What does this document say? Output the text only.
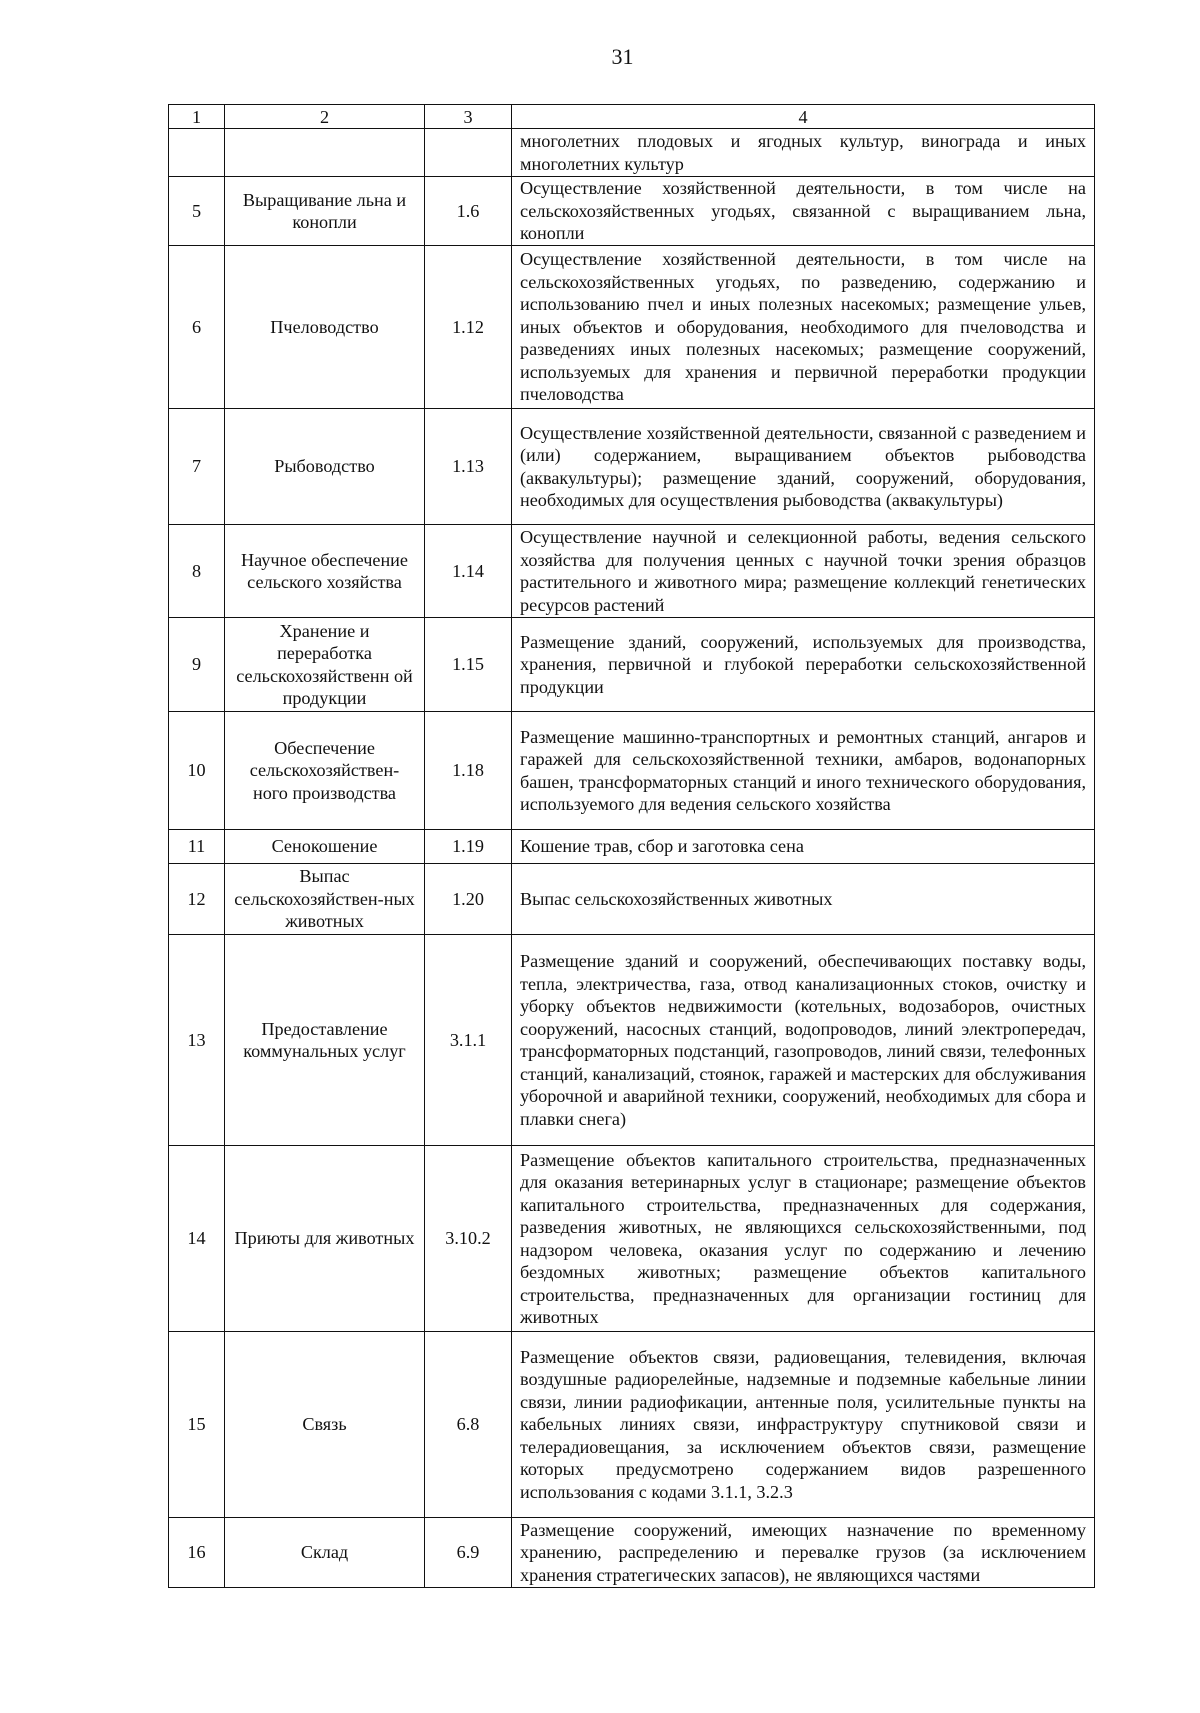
31
1	2	3	4
			многолетних плодовых и ягодных культур, винограда и иных многолетних культур
5	Выращивание льна и конопли	1.6	Осуществление хозяйственной деятельности, в том числе на сельскохозяйственных угодьях, связанной с выращиванием льна, конопли
6	Пчеловодство	1.12	Осуществление хозяйственной деятельности, в том числе на сельскохозяйственных угодьях, по разведению, содержанию и использованию пчел и иных полезных насекомых; размещение ульев, иных объектов и оборудования, необходимого для пчеловодства и разведениях иных полезных насекомых; размещение сооружений, используемых для хранения и первичной переработки продукции пчеловодства
7	Рыбоводство	1.13	Осуществление хозяйственной деятельности, связанной с разведением и (или) содержанием, выращиванием объектов рыбоводства (аквакультуры); размещение зданий, сооружений, оборудования, необходимых для осуществления рыбоводства (аквакультуры)
8	Научное обеспечение сельского хозяйства	1.14	Осуществление научной и селекционной работы, ведения сельского хозяйства для получения ценных с научной точки зрения образцов растительного и животного мира; размещение коллекций генетических ресурсов растений
9	Хранение и переработка сельскохозяйственн ой продукции	1.15	Размещение зданий, сооружений, используемых для производства, хранения, первичной и глубокой переработки сельскохозяйственной продукции
10	Обеспечение сельскохозяйствен-ного производства	1.18	Размещение машинно-транспортных и ремонтных станций, ангаров и гаражей для сельскохозяйственной техники, амбаров, водонапорных башен, трансформаторных станций и иного технического оборудования, используемого для ведения сельского хозяйства
11	Сенокошение	1.19	Кошение трав, сбор и заготовка сена
12	Выпас сельскохозяйствен-ных животных	1.20	Выпас сельскохозяйственных животных
13	Предоставление коммунальных услуг	3.1.1	Размещение зданий и сооружений, обеспечивающих поставку воды, тепла, электричества, газа, отвод канализационных стоков, очистку и уборку объектов недвижимости (котельных, водозаборов, очистных сооружений, насосных станций, водопроводов, линий электропередач, трансформаторных подстанций, газопроводов, линий связи, телефонных станций, канализаций, стоянок, гаражей и мастерских для обслуживания уборочной и аварийной техники, сооружений, необходимых для сбора и плавки снега)
14	Приюты для животных	3.10.2	Размещение объектов капитального строительства, предназначенных для оказания ветеринарных услуг в стационаре; размещение объектов капитального строительства, предназначенных для содержания, разведения животных, не являющихся сельскохозяйственными, под надзором человека, оказания услуг по содержанию и лечению бездомных животных; размещение объектов капитального строительства, предназначенных для организации гостиниц для животных
15	Связь	6.8	Размещение объектов связи, радиовещания, телевидения, включая воздушные радиорелейные, надземные и подземные кабельные линии связи, линии радиофикации, антенные поля, усилительные пункты на кабельных линиях связи, инфраструктуру спутниковой связи и телерадиовещания, за исключением объектов связи, размещение которых предусмотрено содержанием видов разрешенного использования с кодами 3.1.1, 3.2.3
16	Склад	6.9	Размещение сооружений, имеющих назначение по временному хранению, распределению и перевалке грузов (за исключением хранения стратегических запасов), не являющихся частями
